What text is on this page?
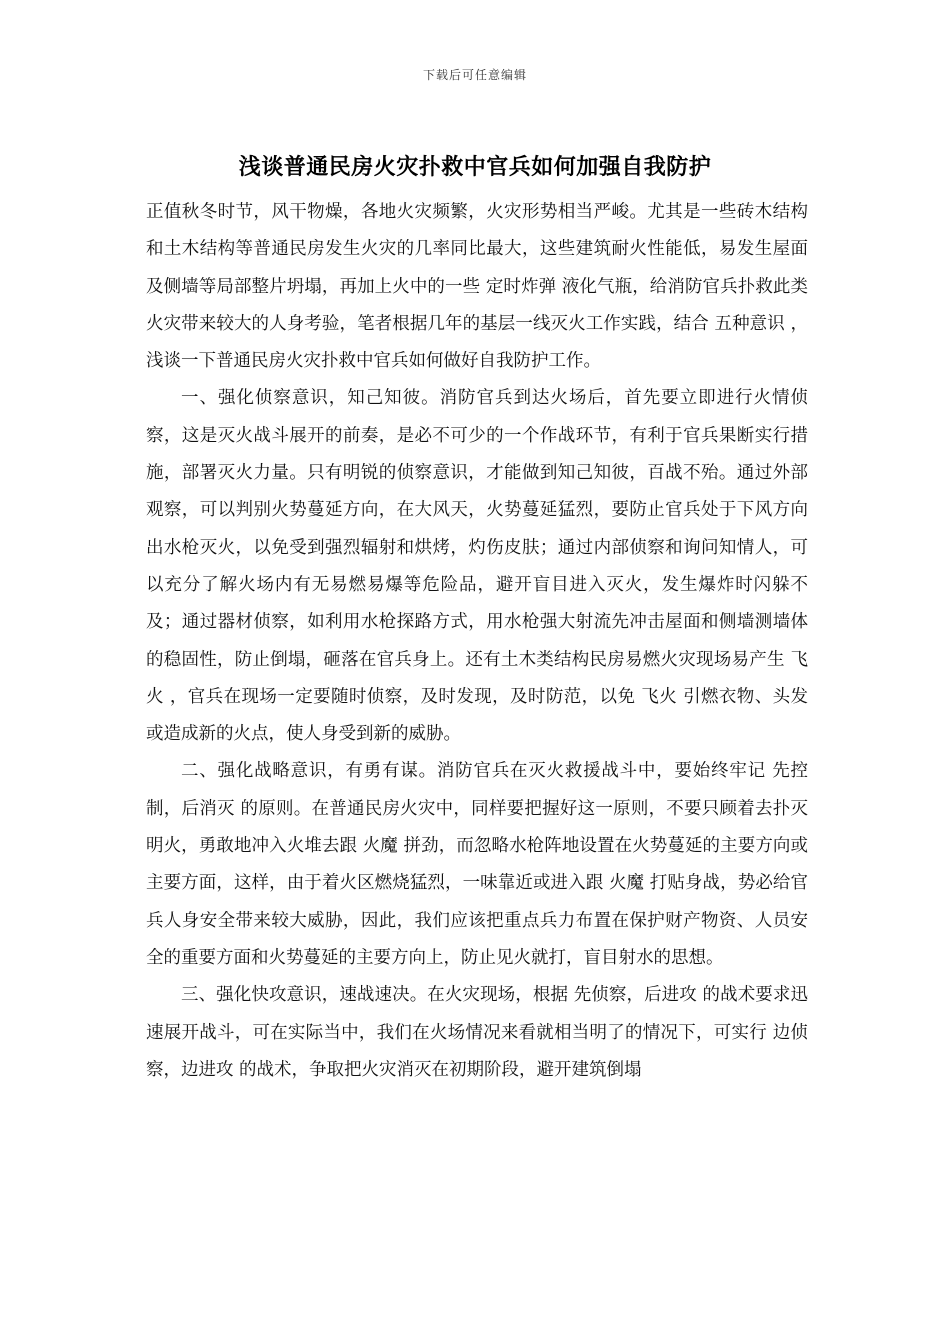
下载后可任意编辑
浅谈普通民房火灾扑救中官兵如何加强自我防护

正值秋冬时节，风干物燥，各地火灾频繁，火灾形势相当严峻。尤其是一些砖木结构和土木结构等普通民房发生火灾的几率同比最大，这些建筑耐火性能低，易发生屋面及侧墙等局部整片坍塌，再加上火中的一些 定时炸弹 液化气瓶，给消防官兵扑救此类火灾带来较大的人身考验，笔者根据几年的基层一线灭火工作实践，结合 五种意识 ，浅谈一下普通民房火灾扑救中官兵如何做好自我防护工作。

一、强化侦察意识，知己知彼。消防官兵到达火场后，首先要立即进行火情侦察，这是灭火战斗展开的前奏，是必不可少的一个作战环节，有利于官兵果断实行措施，部署灭火力量。只有明锐的侦察意识，才能做到知己知彼，百战不殆。通过外部观察，可以判别火势蔓延方向，在大风天，火势蔓延猛烈，要防止官兵处于下风方向出水枪灭火，以免受到强烈辐射和烘烤，灼伤皮肤；通过内部侦察和询问知情人，可以充分了解火场内有无易燃易爆等危险品，避开盲目进入灭火，发生爆炸时闪躲不及；通过器材侦察，如利用水枪探路方式，用水枪强大射流先冲击屋面和侧墙测墙体的稳固性，防止倒塌，砸落在官兵身上。还有土木类结构民房易燃火灾现场易产生 飞火 ，官兵在现场一定要随时侦察，及时发现，及时防范，以免 飞火 引燃衣物、头发或造成新的火点，使人身受到新的威胁。

二、强化战略意识，有勇有谋。消防官兵在灭火救援战斗中，要始终牢记 先控制，后消灭 的原则。在普通民房火灾中，同样要把握好这一原则，不要只顾着去扑灭明火，勇敢地冲入火堆去跟 火魔 拼劲，而忽略水枪阵地设置在火势蔓延的主要方向或主要方面，这样，由于着火区燃烧猛烈，一味靠近或进入跟 火魔 打贴身战，势必给官兵人身安全带来较大威胁，因此，我们应该把重点兵力布置在保护财产物资、人员安全的重要方面和火势蔓延的主要方向上，防止见火就打，盲目射水的思想。

三、强化快攻意识，速战速决。在火灾现场，根据 先侦察，后进攻 的战术要求迅速展开战斗，可在实际当中，我们在火场情况来看就相当明了的情况下，可实行 边侦察，边进攻 的战术，争取把火灾消灭在初期阶段，避开建筑倒塌
